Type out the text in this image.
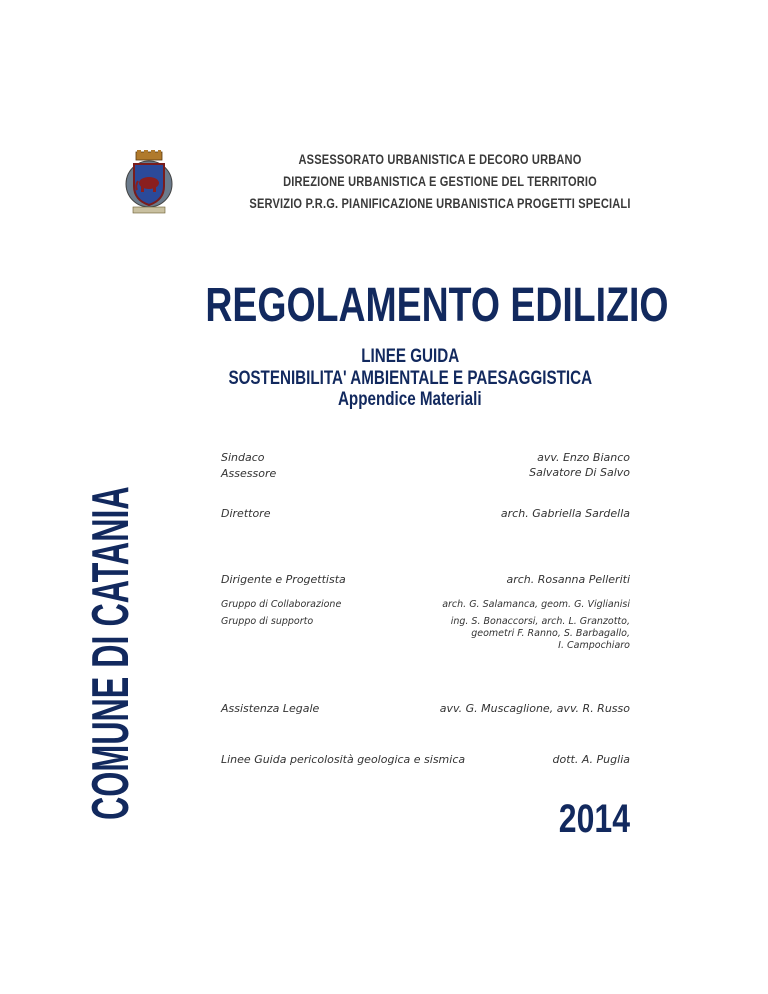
ASSESSORATO URBANISTICA E DECORO URBANO
DIREZIONE URBANISTICA E GESTIONE DEL TERRITORIO
SERVIZIO P.R.G. PIANIFICAZIONE URBANISTICA PROGETTI SPECIALI
COMUNE DI CATANIA
REGOLAMENTO EDILIZIO
LINEE GUIDA
SOSTENIBILITA' AMBIENTALE E PAESAGGISTICA
Appendice Materiali
Sindaco	avv. Enzo Bianco
Assessore	Salvatore Di Salvo
Direttore	arch. Gabriella Sardella
Dirigente e Progettista	arch. Rosanna Pelleriti
Gruppo di Collaborazione	arch. G. Salamanca, geom. G. Viglianisi
Gruppo di supporto	ing. S. Bonaccorsi, arch. L. Granzotto,
geometri F. Ranno, S. Barbagallo,
I. Campochiaro
Assistenza Legale	avv. G. Muscaglione, avv. R. Russo
Linee Guida pericolosità geologica e sismica	dott. A. Puglia
2014
